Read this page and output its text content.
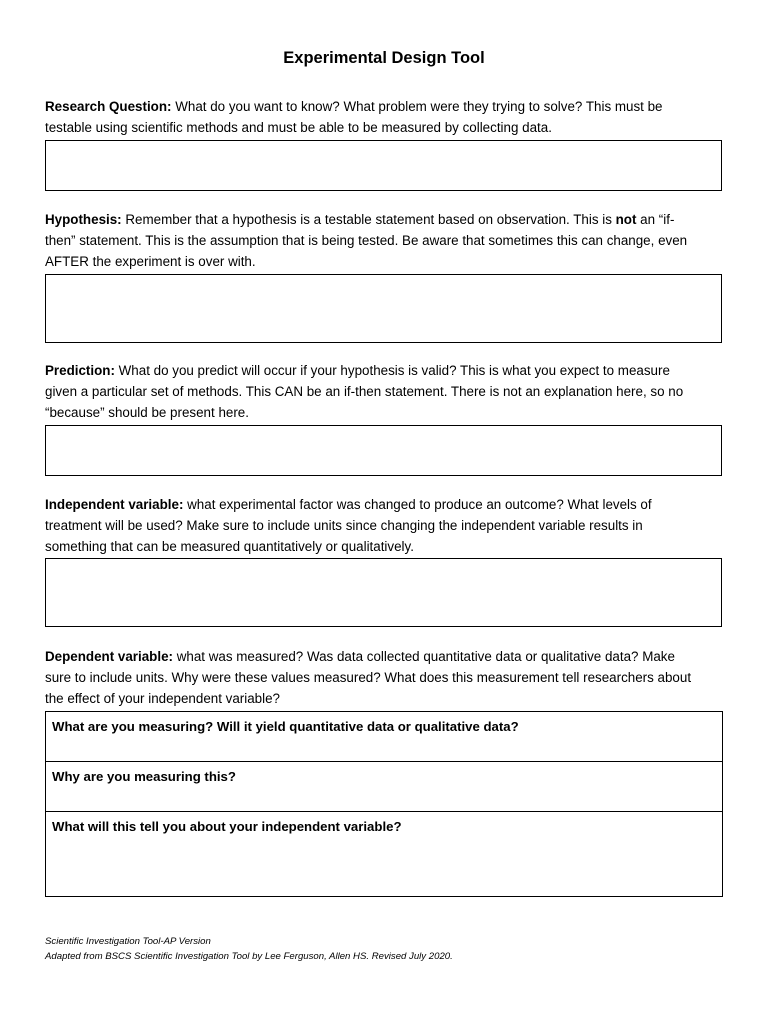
Experimental Design Tool
Research Question: What do you want to know? What problem were they trying to solve? This must be
testable using scientific methods and must be able to be measured by collecting data.
Hypothesis: Remember that a hypothesis is a testable statement based on observation. This is not an “if-
then” statement. This is the assumption that is being tested. Be aware that sometimes this can change, even
AFTER the experiment is over with.
Prediction: What do you predict will occur if your hypothesis is valid? This is what you expect to measure
given a particular set of methods. This CAN be an if-then statement. There is not an explanation here, so no
“because” should be present here.
Independent variable: what experimental factor was changed to produce an outcome? What levels of
treatment will be used? Make sure to include units since changing the independent variable results in
something that can be measured quantitatively or qualitatively.
Dependent variable: what was measured? Was data collected quantitative data or qualitative data? Make
sure to include units. Why were these values measured? What does this measurement tell researchers about
the effect of your independent variable?
What are you measuring? Will it yield quantitative data or qualitative data?
Why are you measuring this?
What will this tell you about your independent variable?
Scientific Investigation Tool-AP Version
Adapted from BSCS Scientific Investigation Tool by Lee Ferguson, Allen HS. Revised July 2020.
